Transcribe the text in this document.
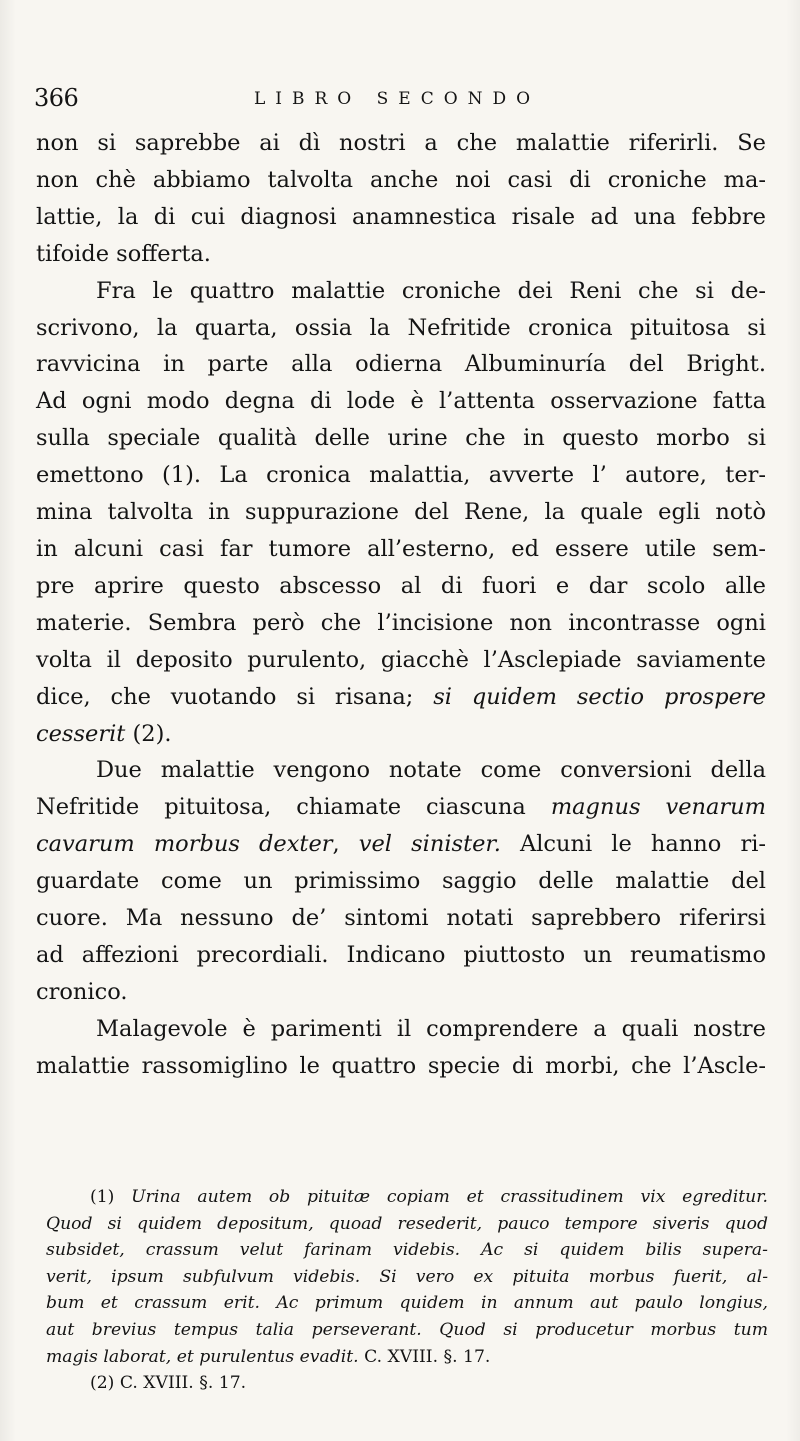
366	LIBRO SECONDO
non si saprebbe ai dì nostri a che malattie riferirli. Se
non chè abbiamo talvolta anche noi casi di croniche ma-
lattie, la di cui diagnosi anamnestica risale ad una febbre
tifoide sofferta.
Fra le quattro malattie croniche dei Reni che si de-
scrivono, la quarta, ossia la Nefritide cronica pituitosa si
ravvicina in parte alla odierna Albuminuría del Bright.
Ad ogni modo degna di lode è l’attenta osservazione fatta
sulla speciale qualità delle urine che in questo morbo si
emettono (1). La cronica malattia, avverte l’ autore, ter-
mina talvolta in suppurazione del Rene, la quale egli notò
in alcuni casi far tumore all’esterno, ed essere utile sem-
pre aprire questo abscesso al di fuori e dar scolo alle
materie. Sembra però che l’incisione non incontrasse ogni
volta il deposito purulento, giacchè l’Asclepiade saviamente
dice, che vuotando si risana; si quidem sectio prospere
cesserit (2).
Due malattie vengono notate come conversioni della
Nefritide pituitosa, chiamate ciascuna magnus venarum
cavarum morbus dexter, vel sinister. Alcuni le hanno ri-
guardate come un primissimo saggio delle malattie del
cuore. Ma nessuno de’ sintomi notati saprebbero riferirsi
ad affezioni precordiali. Indicano piuttosto un reumatismo
cronico.
Malagevole è parimenti il comprendere a quali nostre
malattie rassomiglino le quattro specie di morbi, che l’Ascle-
(1) Urina autem ob pituitæ copiam et crassitudinem vix egreditur.
Quod si quidem depositum, quoad resederit, pauco tempore siveris quod
subsidet, crassum velut farinam videbis. Ac si quidem bilis supera-
verit, ipsum subfulvum videbis. Si vero ex pituita morbus fuerit, al-
bum et crassum erit. Ac primum quidem in annum aut paulo longius,
aut brevius tempus talia perseverant. Quod si producetur morbus tum
magis laborat, et purulentus evadit. C. XVIII. §. 17.
(2) C. XVIII. §. 17.
